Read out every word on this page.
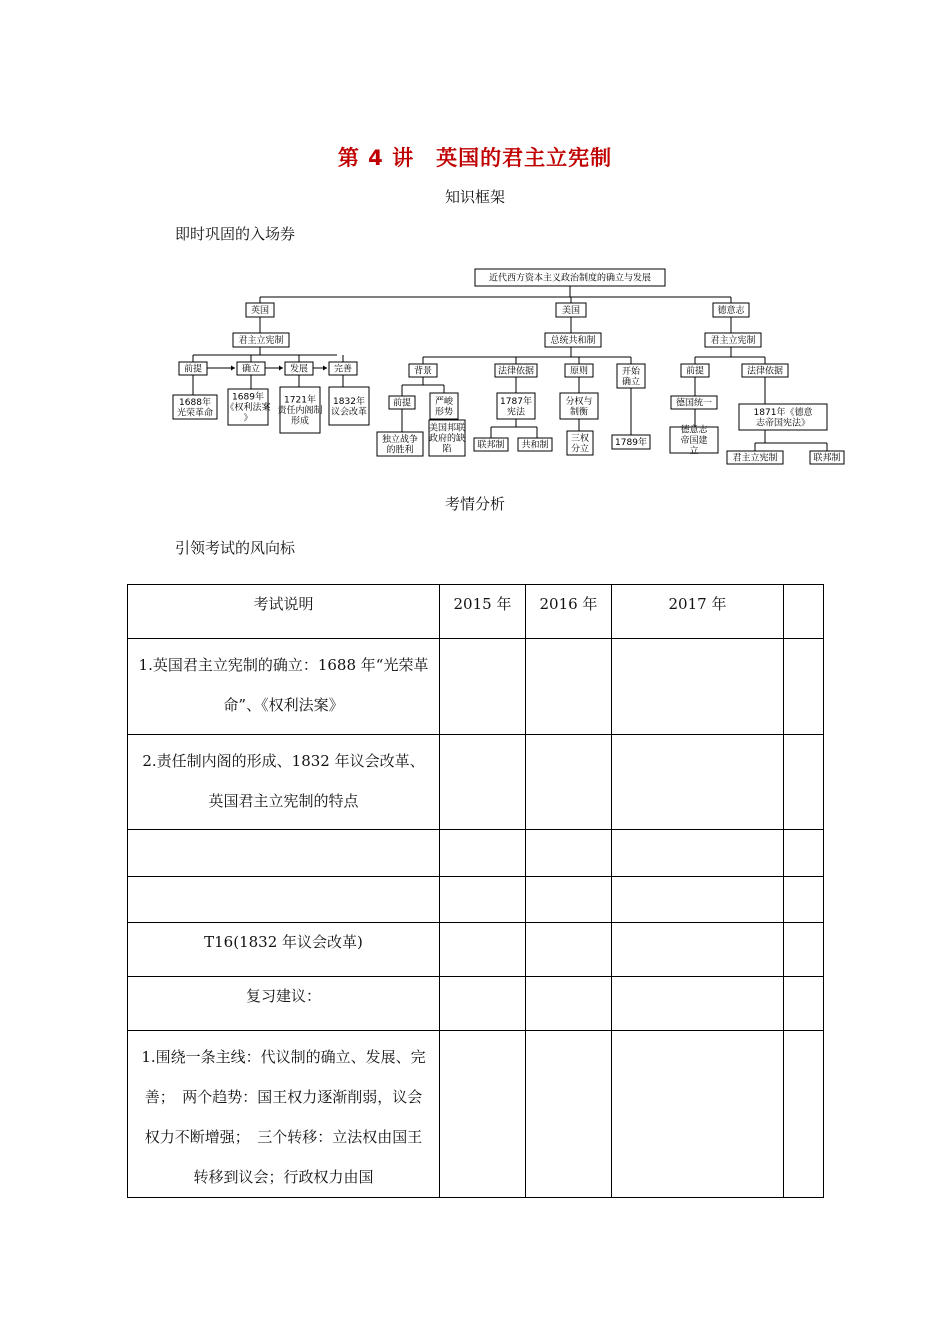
第 4 讲　英国的君主立宪制
知识框架
即时巩固的入场券
近代西方资本主义政治制度的确立与发展
英国	美国	德意志
君主立宪制
前提	确立	发展	完善
1688年
光荣革命
1689年
《权利法案
》
1721年
责任内阁制
形成
1832年
议会改革
总统共和制
背景	法律依据	原则	开始
确立
前提	严峻
形势
独立战争
的胜利
美国邦联
政府的缺
陷
1787年
宪法
联邦制 共和制
分权与
制衡
三权
分立
1789年
君主立宪制
前提	法律依据
德国统一
德意志
帝国建
立
1871年《德意
志帝国宪法》
君主立宪制	联邦制
考情分析
引领考试的风向标
考试说明	2015 年	2016 年	2017 年	

1.英国君主立宪制的确立：1688 年“光荣革命”、《权利法案》				

2.责任制内阁的形成、1832 年议会改革、英国君主立宪制的特点				

T16(1832 年议会改革)				

复习建议：				

1.围绕一条主线：代议制的确立、发展、完善；　两个趋势：国王权力逐渐削弱，议会权力不断增强；　三个转移：立法权由国王转移到议会；行政权力由国				
